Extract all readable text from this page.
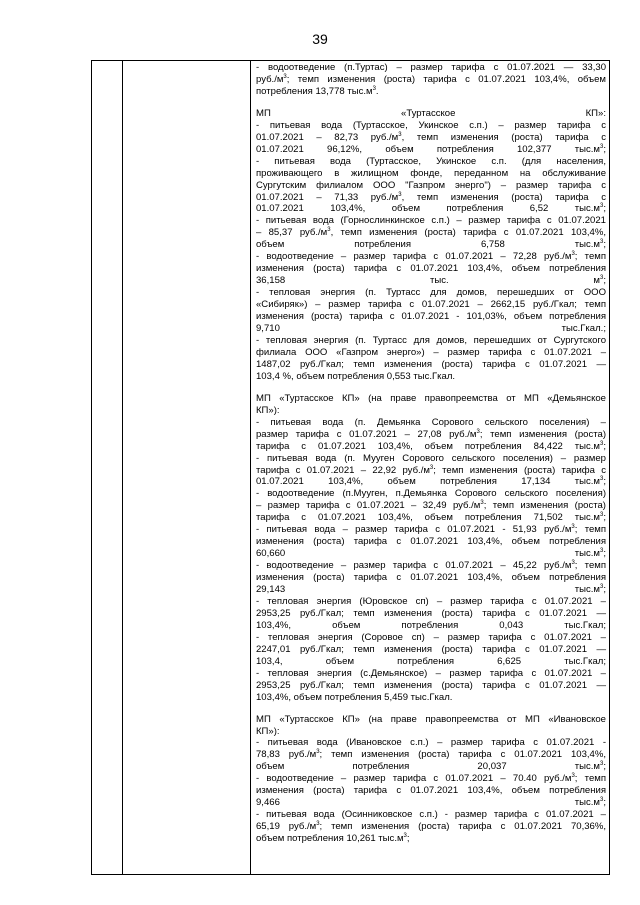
39
- водоотведение (п.Туртас) – размер тарифа с 01.07.2021 — 33,30
$руб./м^3$; темп изменения (роста) тарифа с 01.07.2021 103,4%, объем
потребления 13,778 $тыс.м^3$.
МП «Туртасское КП»:
- питьевая вода (Туртасское, Укинское с.п.) – размер тарифа с
01.07.2021 – 82,73 $руб./м^3$, темп изменения (роста) тарифа с
01.07.2021 96,12%, объем потребления 102,377 $тыс.м^3$;
- питьевая вода (Туртасское, Укинское с.п. (для населения,
проживающего в жилищном фонде, переданном на обслуживание
Сургутским филиалом ООО "Газпром энерго") – размер тарифа с
01.07.2021 – 71,33 $руб./м^3$, темп изменения (роста) тарифа с
01.07.2021 103,4%, объем потребления 6,52 $тыс.м^3$;
- питьевая вода (Горнослинкинское с.п.) – размер тарифа с 01.07.2021
– 85,37 $руб./м^3$, темп изменения (роста) тарифа с 01.07.2021 103,4%,
объем потребления 6,758 $тыс.м^3$;
- водоотведение – размер тарифа с 01.07.2021 – 72,28 $руб./м^3$; темп
изменения (роста) тарифа с 01.07.2021 103,4%, объем потребления
36,158 тыс. $м^3$;
- тепловая энергия (п. Туртасс для домов, перешедших от ООО
«Сибиряк») – размер тарифа с 01.07.2021 – 2662,15 руб./Гкал; темп
изменения (роста) тарифа с 01.07.2021 - 101,03%, объем потребления
9,710 тыс.Гкал.;
- тепловая энергия (п. Туртасс для домов, перешедших от Сургутского
филиала ООО «Газпром энерго») – размер тарифа с 01.07.2021 –
1487,02 руб./Гкал; темп изменения (роста) тарифа с 01.07.2021 —
103,4 %, объем потребления 0,553 тыс.Гкал.
МП «Туртасское КП» (на праве правопреемства от МП «Демьянское
КП»):
- питьевая вода (п. Демьянка Сорового сельского поселения) –
размер тарифа с 01.07.2021 – 27,08 $руб./м^3$; темп изменения (роста)
тарифа с 01.07.2021 103,4%, объем потребления 84,422 $тыс.м^3$;
- питьевая вода (п. Мууген Сорового сельского поселения) – размер
тарифа с 01.07.2021 – 22,92 $руб./м^3$; темп изменения (роста) тарифа с
01.07.2021 103,4%, объем потребления 17,134 $тыс.м^3$;
- водоотведение (п.Мууген, п.Демьянка Сорового сельского поселения)
– размер тарифа с 01.07.2021 – 32,49 $руб./м^3$; темп изменения (роста)
тарифа с 01.07.2021 103,4%, объем потребления 71,502 $тыс.м^3$;
- питьевая вода – размер тарифа с 01.07.2021 - 51,93 $руб./м^3$; темп
изменения (роста) тарифа с 01.07.2021 103,4%, объем потребления
60,660 $тыс.м^3$;
- водоотведение – размер тарифа с 01.07.2021 – 45,22 $руб./м^3$; темп
изменения (роста) тарифа с 01.07.2021 103,4%, объем потребления
29,143 $тыс.м^3$;
- тепловая энергия (Юровское сп) – размер тарифа с 01.07.2021 –
2953,25 руб./Гкал; темп изменения (роста) тарифа с 01.07.2021 —
103,4%, объем потребления 0,043 тыс.Гкал;
- тепловая энергия (Соровое сп) – размер тарифа с 01.07.2021 –
2247,01 руб./Гкал; темп изменения (роста) тарифа с 01.07.2021 —
103,4, объем потребления 6,625 тыс.Гкал;
- тепловая энергия (с.Демьянское) – размер тарифа с 01.07.2021 –
2953,25 руб./Гкал; темп изменения (роста) тарифа с 01.07.2021 —
103,4%, объем потребления 5,459 тыс.Гкал.
МП «Туртасское КП» (на праве правопреемства от МП «Ивановское
КП»):
- питьевая вода (Ивановское с.п.) – размер тарифа с 01.07.2021 -
78,83 $руб./м^3$; темп изменения (роста) тарифа с 01.07.2021 103,4%,
объем потребления 20,037 $тыс.м^3$;
- водоотведение – размер тарифа с 01.07.2021 – 70.40 $руб./м^3$; темп
изменения (роста) тарифа с 01.07.2021 103,4%, объем потребления
9,466 $тыс.м^3$;
- питьевая вода (Осинниковское с.п.) - размер тарифа с 01.07.2021 –
65,19 $руб./м^3$; темп изменения (роста) тарифа с 01.07.2021 70,36%,
объем потребления 10,261 $тыс.м^3$;
